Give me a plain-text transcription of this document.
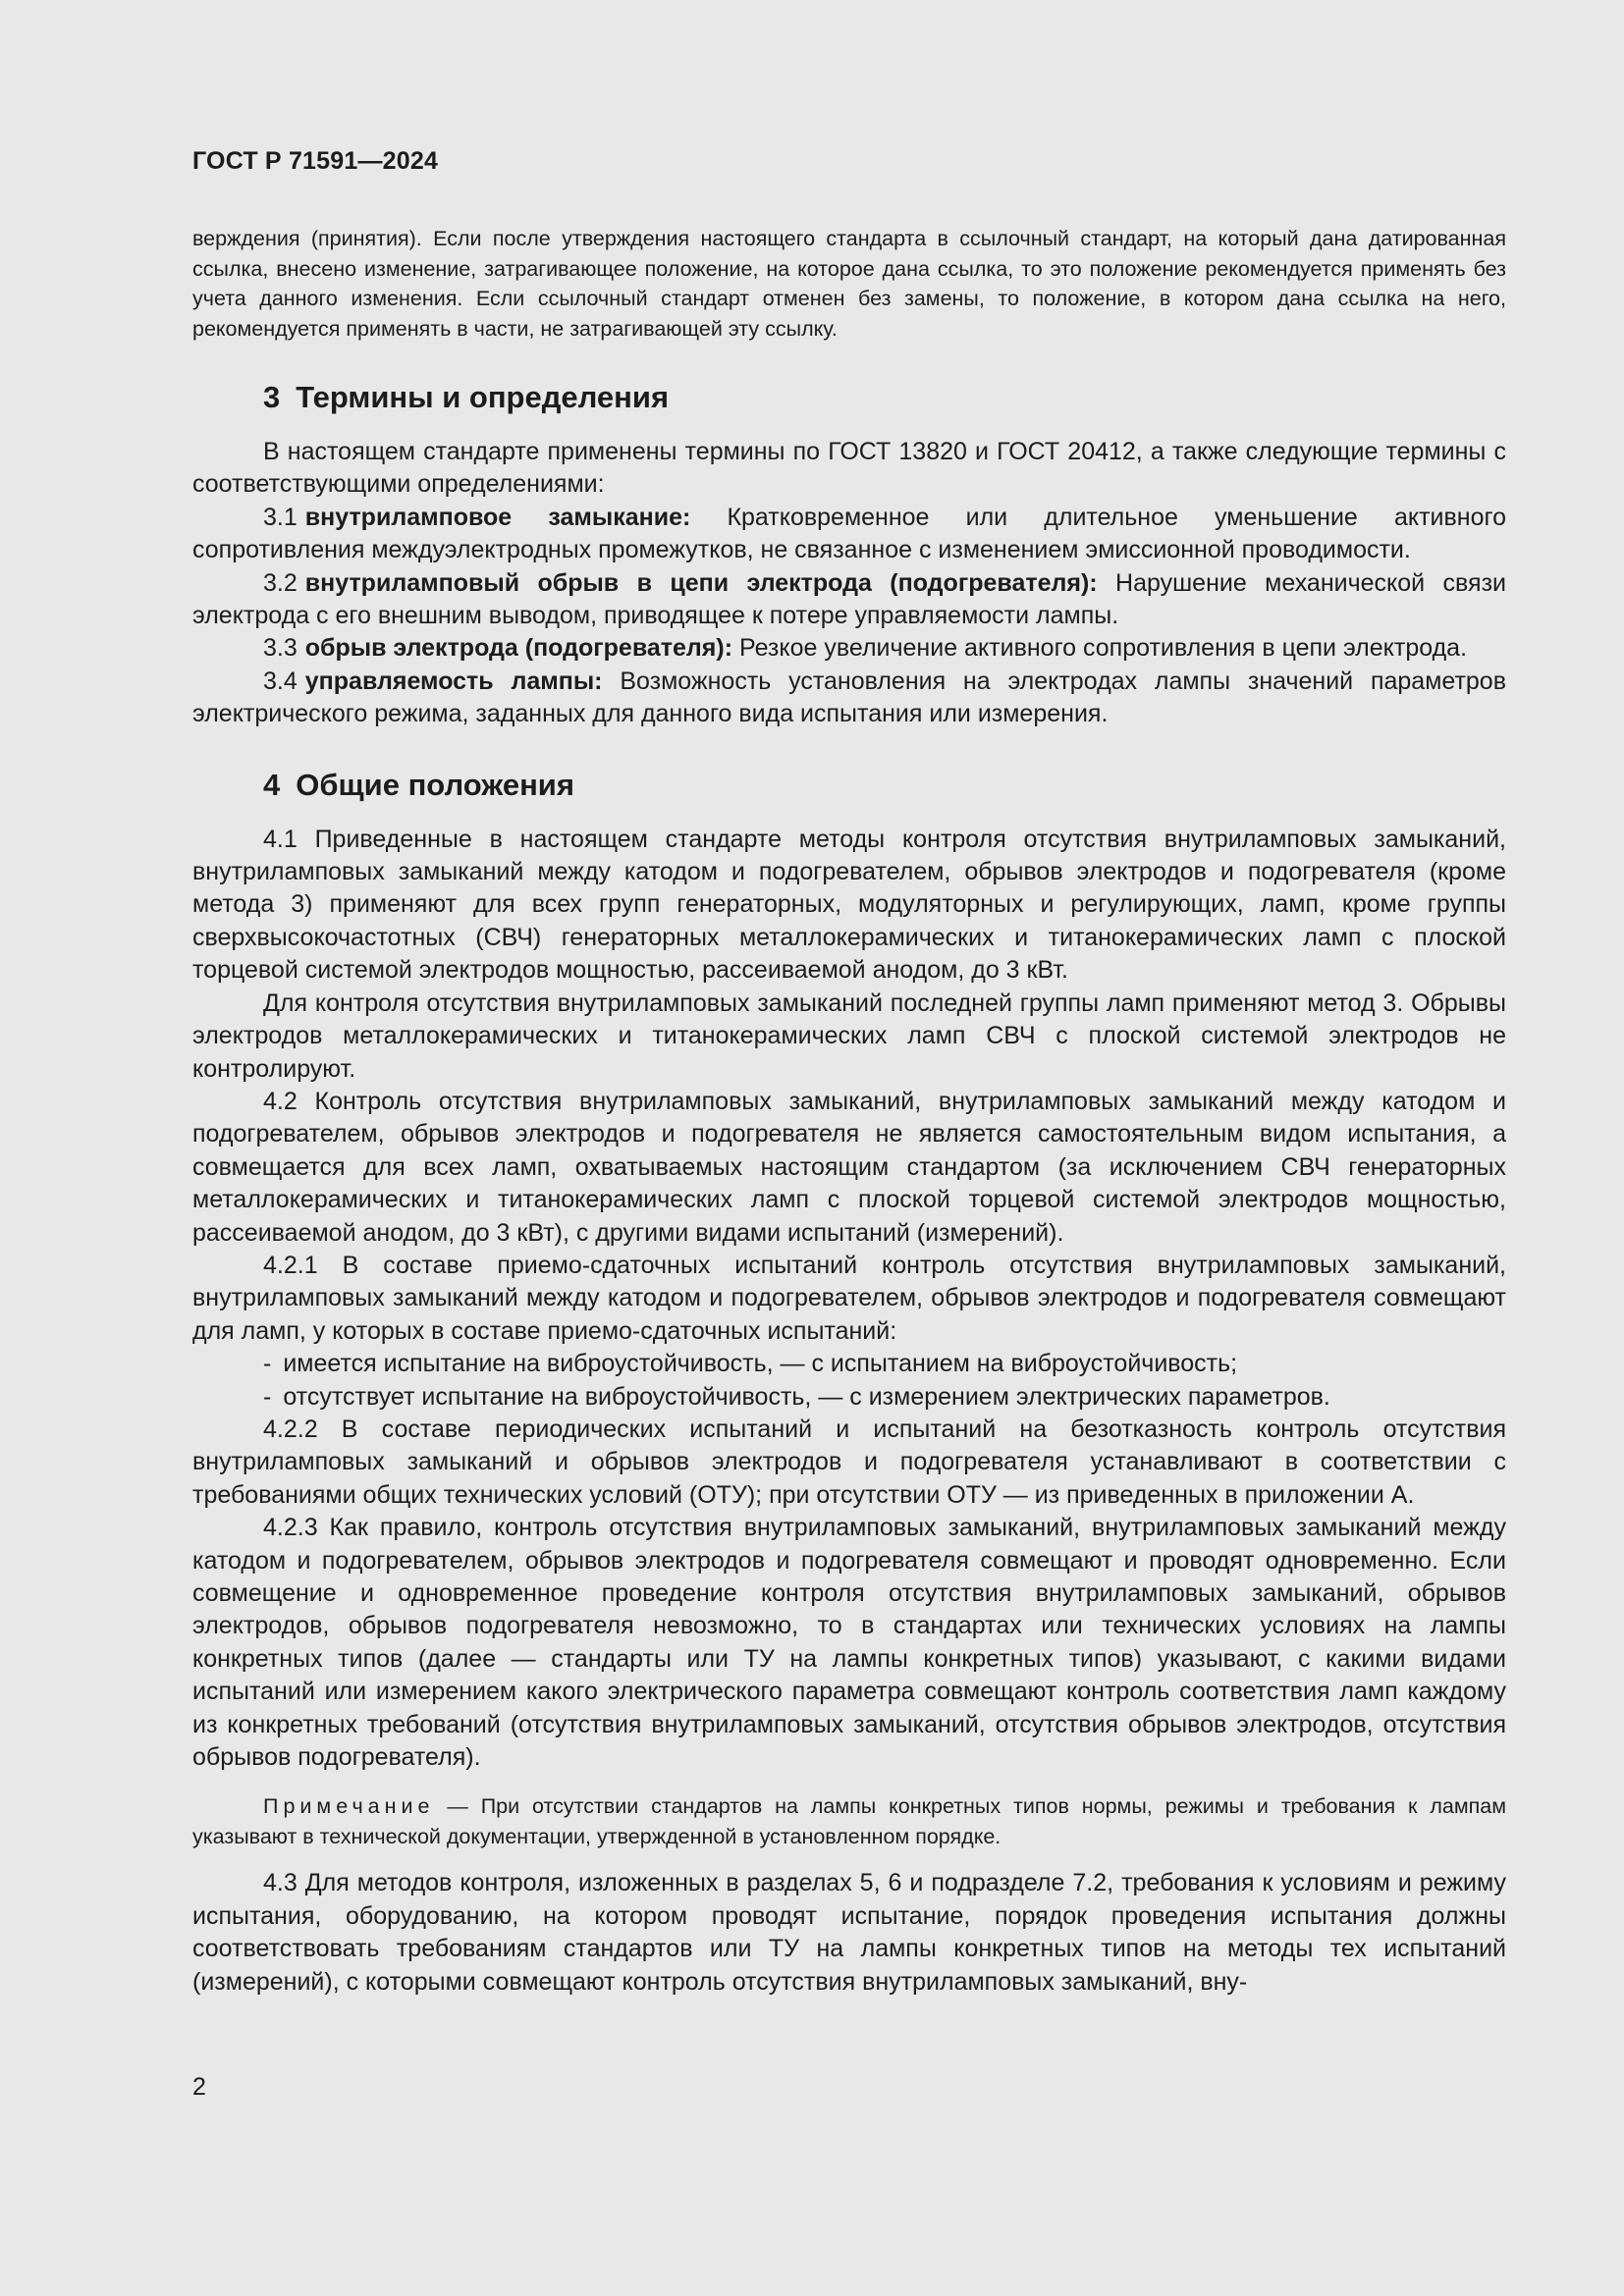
ГОСТ Р 71591—2024

верждения (принятия). Если после утверждения настоящего стандарта в ссылочный стандарт, на который дана датированная ссылка, внесено изменение, затрагивающее положение, на которое дана ссылка, то это положение рекомендуется применять без учета данного изменения. Если ссылочный стандарт отменен без замены, то положение, в котором дана ссылка на него, рекомендуется применять в части, не затрагивающей эту ссылку.

3 Термины и определения

В настоящем стандарте применены термины по ГОСТ 13820 и ГОСТ 20412, а также следующие термины с соответствующими определениями:

3.1 внутриламповое замыкание: Кратковременное или длительное уменьшение активного сопротивления междуэлектродных промежутков, не связанное с изменением эмиссионной проводимости.

3.2 внутриламповый обрыв в цепи электрода (подогревателя): Нарушение механической связи электрода с его внешним выводом, приводящее к потере управляемости лампы.

3.3 обрыв электрода (подогревателя): Резкое увеличение активного сопротивления в цепи электрода.

3.4 управляемость лампы: Возможность установления на электродах лампы значений параметров электрического режима, заданных для данного вида испытания или измерения.

4 Общие положения

4.1 Приведенные в настоящем стандарте методы контроля отсутствия внутриламповых замыканий, внутриламповых замыканий между катодом и подогревателем, обрывов электродов и подогревателя (кроме метода 3) применяют для всех групп генераторных, модуляторных и регулирующих, ламп, кроме группы сверхвысокочастотных (СВЧ) генераторных металлокерамических и титанокерамических ламп с плоской торцевой системой электродов мощностью, рассеиваемой анодом, до 3 кВт.

Для контроля отсутствия внутриламповых замыканий последней группы ламп применяют метод 3. Обрывы электродов металлокерамических и титанокерамических ламп СВЧ с плоской системой электродов не контролируют.

4.2 Контроль отсутствия внутриламповых замыканий, внутриламповых замыканий между катодом и подогревателем, обрывов электродов и подогревателя не является самостоятельным видом испытания, а совмещается для всех ламп, охватываемых настоящим стандартом (за исключением СВЧ генераторных металлокерамических и титанокерамических ламп с плоской торцевой системой электродов мощностью, рассеиваемой анодом, до 3 кВт), с другими видами испытаний (измерений).

4.2.1 В составе приемо-сдаточных испытаний контроль отсутствия внутриламповых замыканий, внутриламповых замыканий между катодом и подогревателем, обрывов электродов и подогревателя совмещают для ламп, у которых в составе приемо-сдаточных испытаний:

- имеется испытание на виброустойчивость, — с испытанием на виброустойчивость;

- отсутствует испытание на виброустойчивость, — с измерением электрических параметров.

4.2.2 В составе периодических испытаний и испытаний на безотказность контроль отсутствия внутриламповых замыканий и обрывов электродов и подогревателя устанавливают в соответствии с требованиями общих технических условий (ОТУ); при отсутствии ОТУ — из приведенных в приложении А.

4.2.3 Как правило, контроль отсутствия внутриламповых замыканий, внутриламповых замыканий между катодом и подогревателем, обрывов электродов и подогревателя совмещают и проводят одновременно. Если совмещение и одновременное проведение контроля отсутствия внутриламповых замыканий, обрывов электродов, обрывов подогревателя невозможно, то в стандартах или технических условиях на лампы конкретных типов (далее — стандарты или ТУ на лампы конкретных типов) указывают, с какими видами испытаний или измерением какого электрического параметра совмещают контроль соответствия ламп каждому из конкретных требований (отсутствия внутриламповых замыканий, отсутствия обрывов электродов, отсутствия обрывов подогревателя).

Примечание — При отсутствии стандартов на лампы конкретных типов нормы, режимы и требования к лампам указывают в технической документации, утвержденной в установленном порядке.

4.3 Для методов контроля, изложенных в разделах 5, 6 и подразделе 7.2, требования к условиям и режиму испытания, оборудованию, на котором проводят испытание, порядок проведения испытания должны соответствовать требованиям стандартов или ТУ на лампы конкретных типов на методы тех испытаний (измерений), с которыми совмещают контроль отсутствия внутриламповых замыканий, вну-

2
